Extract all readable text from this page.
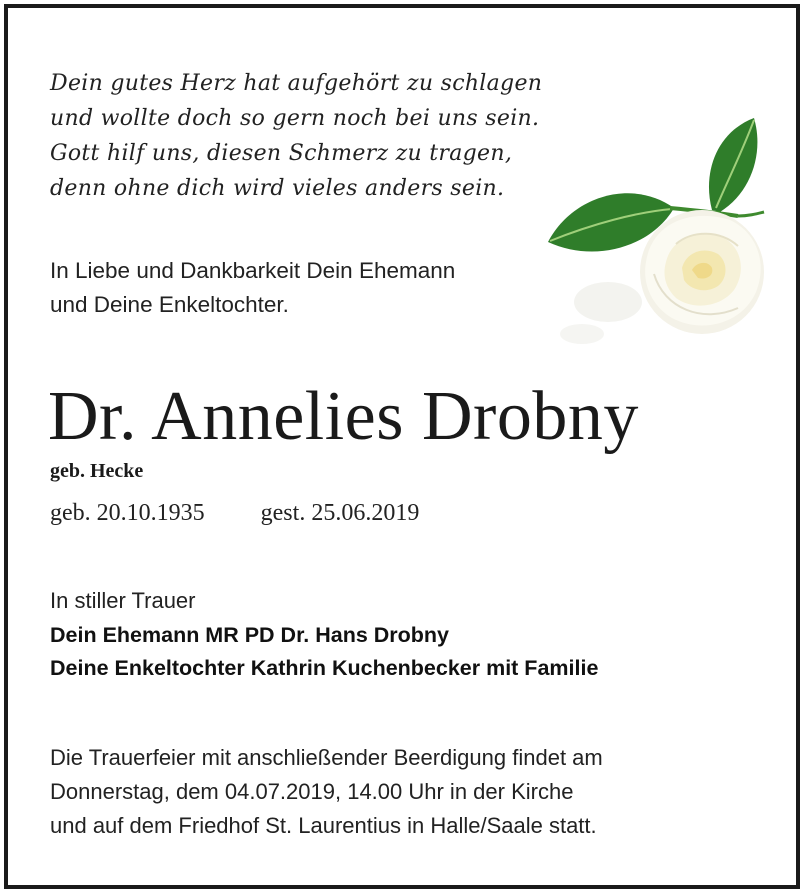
Dein gutes Herz hat aufgehört zu schlagen
und wollte doch so gern noch bei uns sein.
Gott hilf uns, diesen Schmerz zu tragen,
denn ohne dich wird vieles anders sein.
In Liebe und Dankbarkeit Dein Ehemann
und Deine Enkeltochter.
Dr. Annelies Drobny
geb. Hecke
geb. 20.10.1935 gest. 25.06.2019
In stiller Trauer
Dein Ehemann MR PD Dr. Hans Drobny
Deine Enkeltochter Kathrin Kuchenbecker mit Familie
Die Trauerfeier mit anschließender Beerdigung findet am
Donnerstag, dem 04.07.2019, 14.00 Uhr in der Kirche
und auf dem Friedhof St. Laurentius in Halle/Saale statt.
